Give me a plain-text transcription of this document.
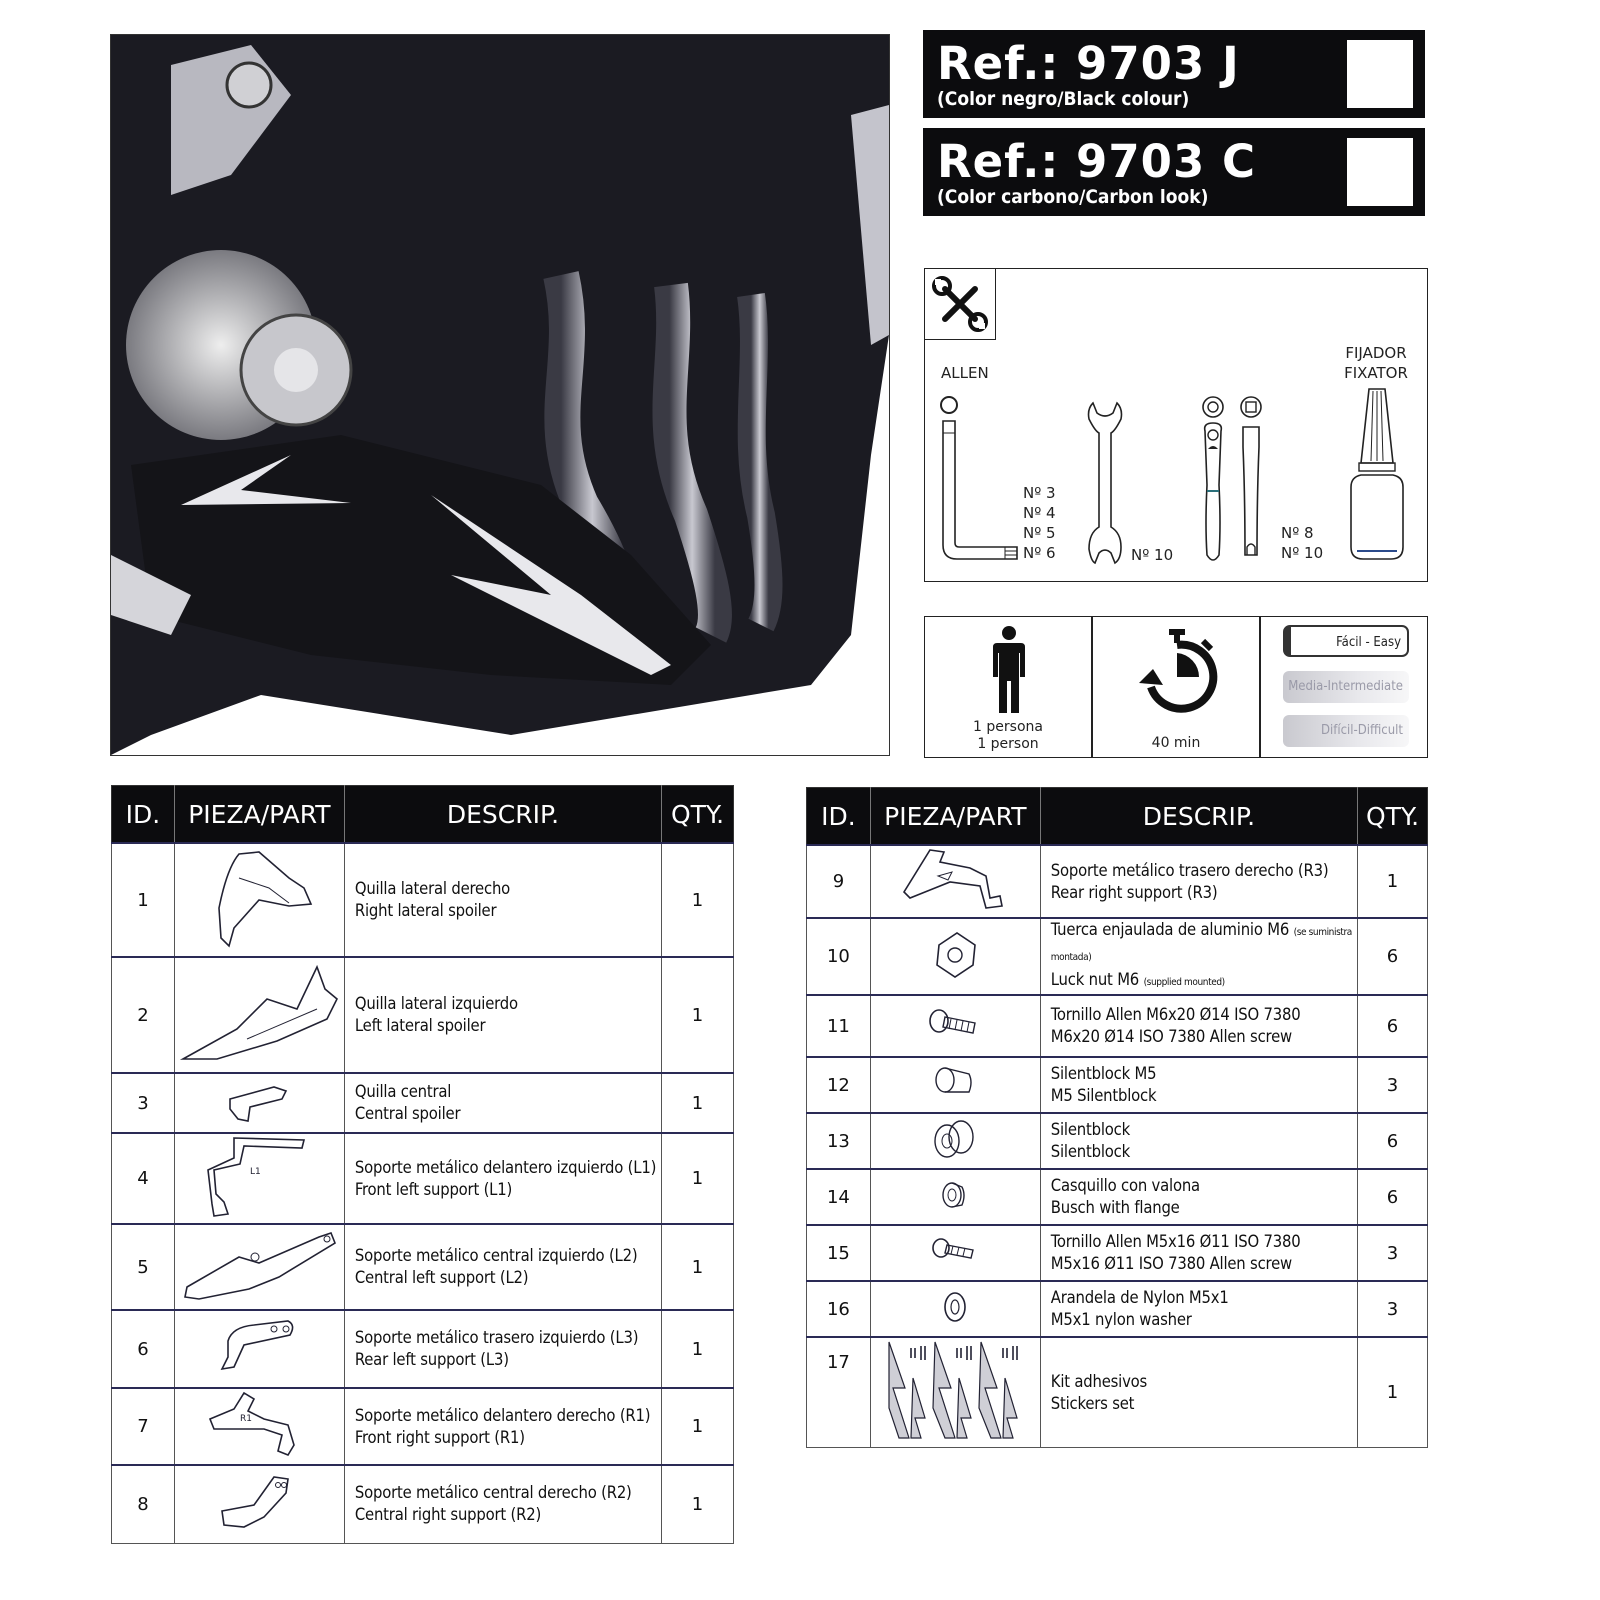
Ref.: 9703 J
(Color negro/Black colour)
Ref.: 9703 C
(Color carbono/Carbon look)
ALLEN
Nº 3
Nº 4
Nº 5
Nº 6	Nº 10
Nº 8
Nº 10
FIJADOR
FIXATOR
1 persona
1 person	40 min
Fácil - Easy
Media-Intermediate
Difícil-Difficult
ID.	PIEZA/PART	DESCRIP.	QTY.
1		Quilla lateral derecho
Right lateral spoiler	1
2		Quilla lateral izquierdo
Left lateral spoiler	1
3		Quilla central
Central spoiler	1
4	L1	Soporte metálico delantero izquierdo (L1)
Front left support (L1)	1
5		Soporte metálico central izquierdo (L2)
Central left support (L2)	1
6		Soporte metálico trasero izquierdo (L3)
Rear left support (L3)	1
7	R1	Soporte metálico delantero derecho (R1)
Front right support (R1)	1
8		Soporte metálico central derecho (R2)
Central right support (R2)	1
ID.	PIEZA/PART	DESCRIP.	QTY.
9		Soporte metálico trasero derecho (R3)
Rear right support (R3)	1
10		Tuerca enjaulada de aluminio M6 (se suministra montada)
Luck nut M6 (supplied mounted)	6
11		Tornillo Allen M6x20 Ø14 ISO 7380
M6x20 Ø14 ISO 7380 Allen screw	6
12		Silentblock M5
M5 Silentblock	3
13		Silentblock
Silentblock	6
14		Casquillo con valona
Busch with flange	6
15		Tornillo Allen M5x16 Ø11 ISO 7380
M5x16 Ø11 ISO 7380 Allen screw	3
16		Arandela de Nylon M5x1
M5x1 nylon washer	3
17		Kit adhesivos
Stickers set	1
